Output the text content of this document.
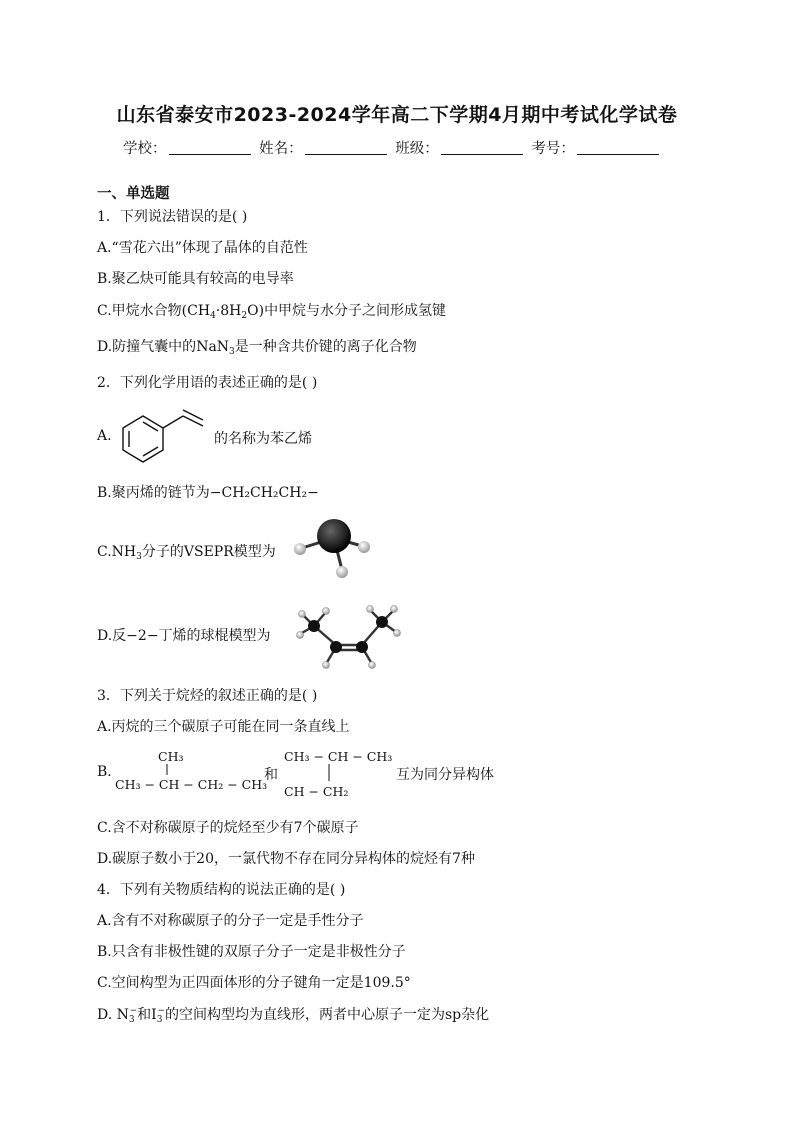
山东省泰安市2023-2024学年高二下学期4月期中考试化学试卷
学校：	姓名：	班级：	考号：
一、单选题
1．下列说法错误的是( )
A.“雪花六出”体现了晶体的自范性
B.聚乙炔可能具有较高的电导率
C.甲烷水合物$(CH_4\cdot 8H_2O)$中甲烷与水分子之间形成氢键
D.防撞气囊中的NaN$_3$是一种含共价键的离子化合物
2．下列化学用语的表述正确的是( )
A.	的名称为苯乙烯
B.聚丙烯的链节为−CH₂CH₂CH₂−
$C.NH_3$分子的VSEPR模型为
D.反−2−丁烯的球棍模型为
3．下列关于烷烃的叙述正确的是( )
A.丙烷的三个碳原子可能在同一条直线上
B.
CH₃
CH₃ − CH − CH₂ − CH₃
和
CH₃ − CH − CH₃
CH − CH₂
互为同分异构体
C.含不对称碳原子的烷烃至少有7个碳原子
D.碳原子数小于20，一氯代物不存在同分异构体的烷烃有7种
4．下列有关物质结构的说法正确的是( )
A.含有不对称碳原子的分子一定是手性分子
B.只含有非极性键的双原子分子一定是非极性分子
C.空间构型为正四面体形的分子键角一定是109.5°
D. $N_3^-$和$I_3^-$的空间构型均为直线形，两者中心原子一定为sp杂化
